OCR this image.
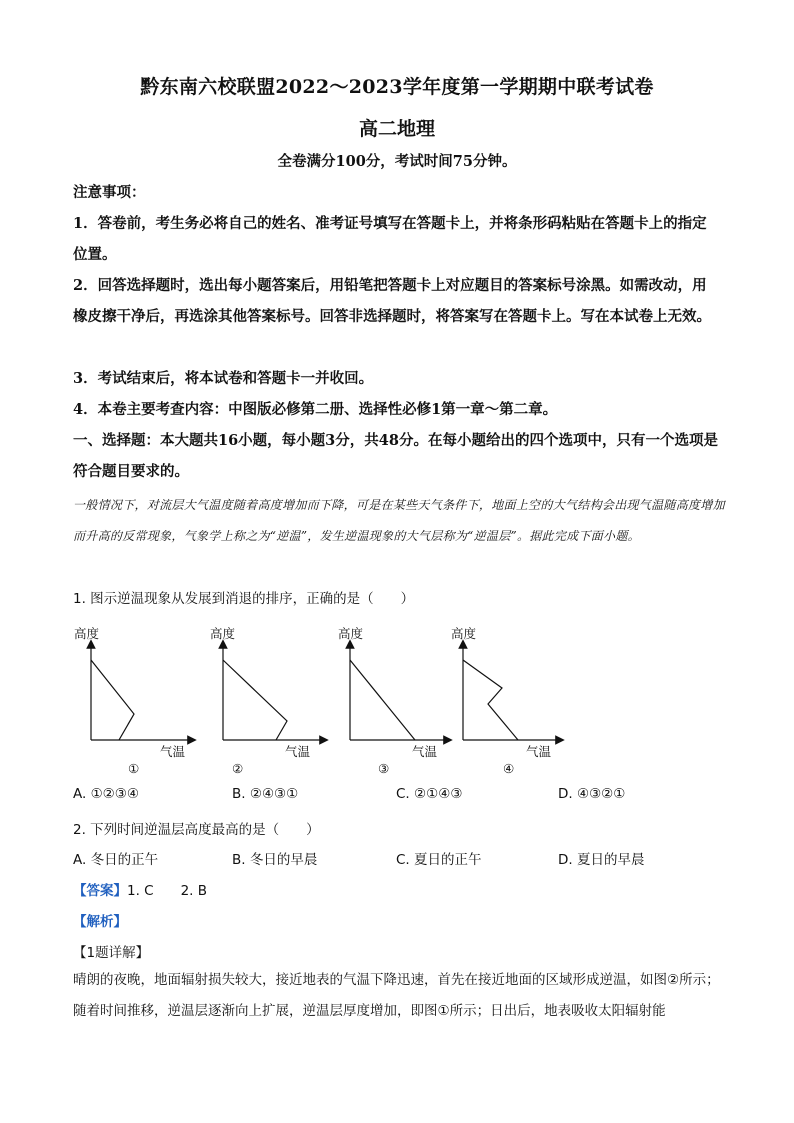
黔东南六校联盟2022～2023学年度第一学期期中联考试卷
高二地理
全卷满分100分，考试时间75分钟。
注意事项：
1．答卷前，考生务必将自己的姓名、准考证号填写在答题卡上，并将条形码粘贴在答题卡上的指定位置。
2．回答选择题时，选出每小题答案后，用铅笔把答题卡上对应题目的答案标号涂黑。如需改动，用橡皮擦干净后，再选涂其他答案标号。回答非选择题时，将答案写在答题卡上。写在本试卷上无效。
3．考试结束后，将本试卷和答题卡一并收回。
4．本卷主要考查内容：中图版必修第二册、选择性必修1第一章～第二章。
一、选择题：本大题共16小题，每小题3分，共48分。在每小题给出的四个选项中，只有一个选项是符合题目要求的。
一般情况下，对流层大气温度随着高度增加而下降，可是在某些天气条件下，地面上空的大气结构会出现气温随高度增加而升高的反常现象，气象学上称之为“逆温”，发生逆温现象的大气层称为“逆温层”。据此完成下面小题。
1. 图示逆温现象从发展到消退的排序，正确的是（　　）
高度
气温
①
高度
气温
②
高度
气温
③
高度
气温
④
A. ①②③④	B. ②④③①	C. ②①④③	D. ④③②①
2. 下列时间逆温层高度最高的是（　　）
A. 冬日的正午	B. 冬日的早晨	C. 夏日的正午	D. 夏日的早晨
【答案】1. C　　2. B
【解析】
【1题详解】
晴朗的夜晚，地面辐射损失较大，接近地表的气温下降迅速，首先在接近地面的区域形成逆温，如图②所示；随着时间推移，逆温层逐渐向上扩展，逆温层厚度增加，即图①所示；日出后，地表吸收太阳辐射能
